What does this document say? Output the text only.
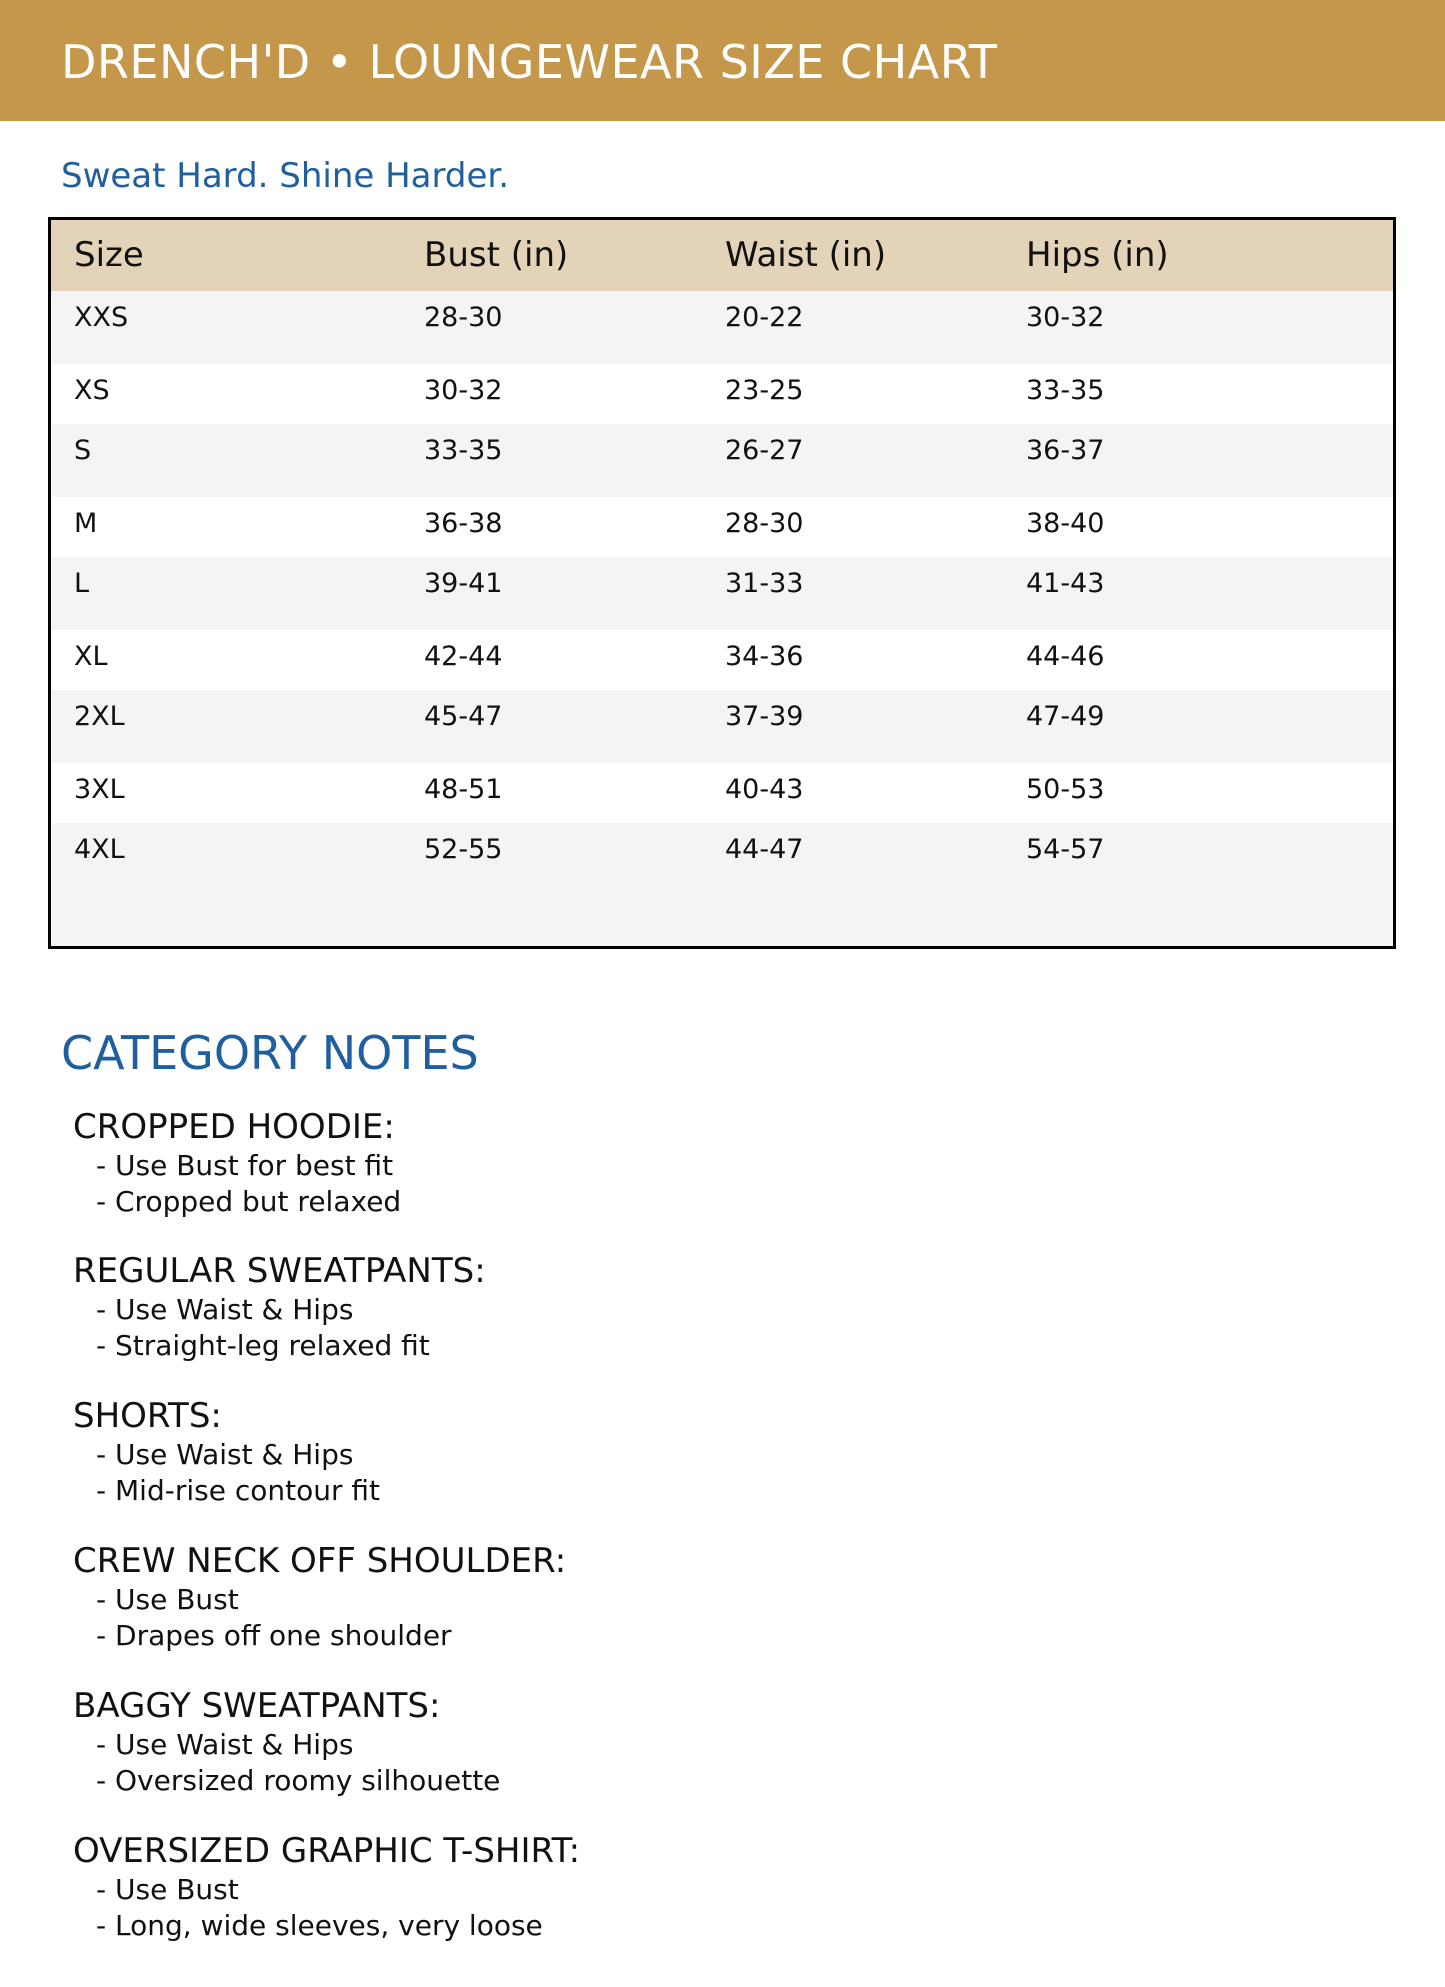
DRENCH'D • LOUNGEWEAR SIZE CHART
Sweat Hard. Shine Harder.
Size	Bust (in)	Waist (in)	Hips (in)
XXS	28-30	20-22	30-32
XS	30-32	23-25	33-35
S	33-35	26-27	36-37
M	36-38	28-30	38-40
L	39-41	31-33	41-43
XL	42-44	34-36	44-46
2XL	45-47	37-39	47-49
3XL	48-51	40-43	50-53
4XL	52-55	44-47	54-57
CATEGORY NOTES
CROPPED HOODIE:
- Use Bust for best fit
- Cropped but relaxed
REGULAR SWEATPANTS:
- Use Waist & Hips
- Straight-leg relaxed fit
SHORTS:
- Use Waist & Hips
- Mid-rise contour fit
CREW NECK OFF SHOULDER:
- Use Bust
- Drapes off one shoulder
BAGGY SWEATPANTS:
- Use Waist & Hips
- Oversized roomy silhouette
OVERSIZED GRAPHIC T-SHIRT:
- Use Bust
- Long, wide sleeves, very loose
